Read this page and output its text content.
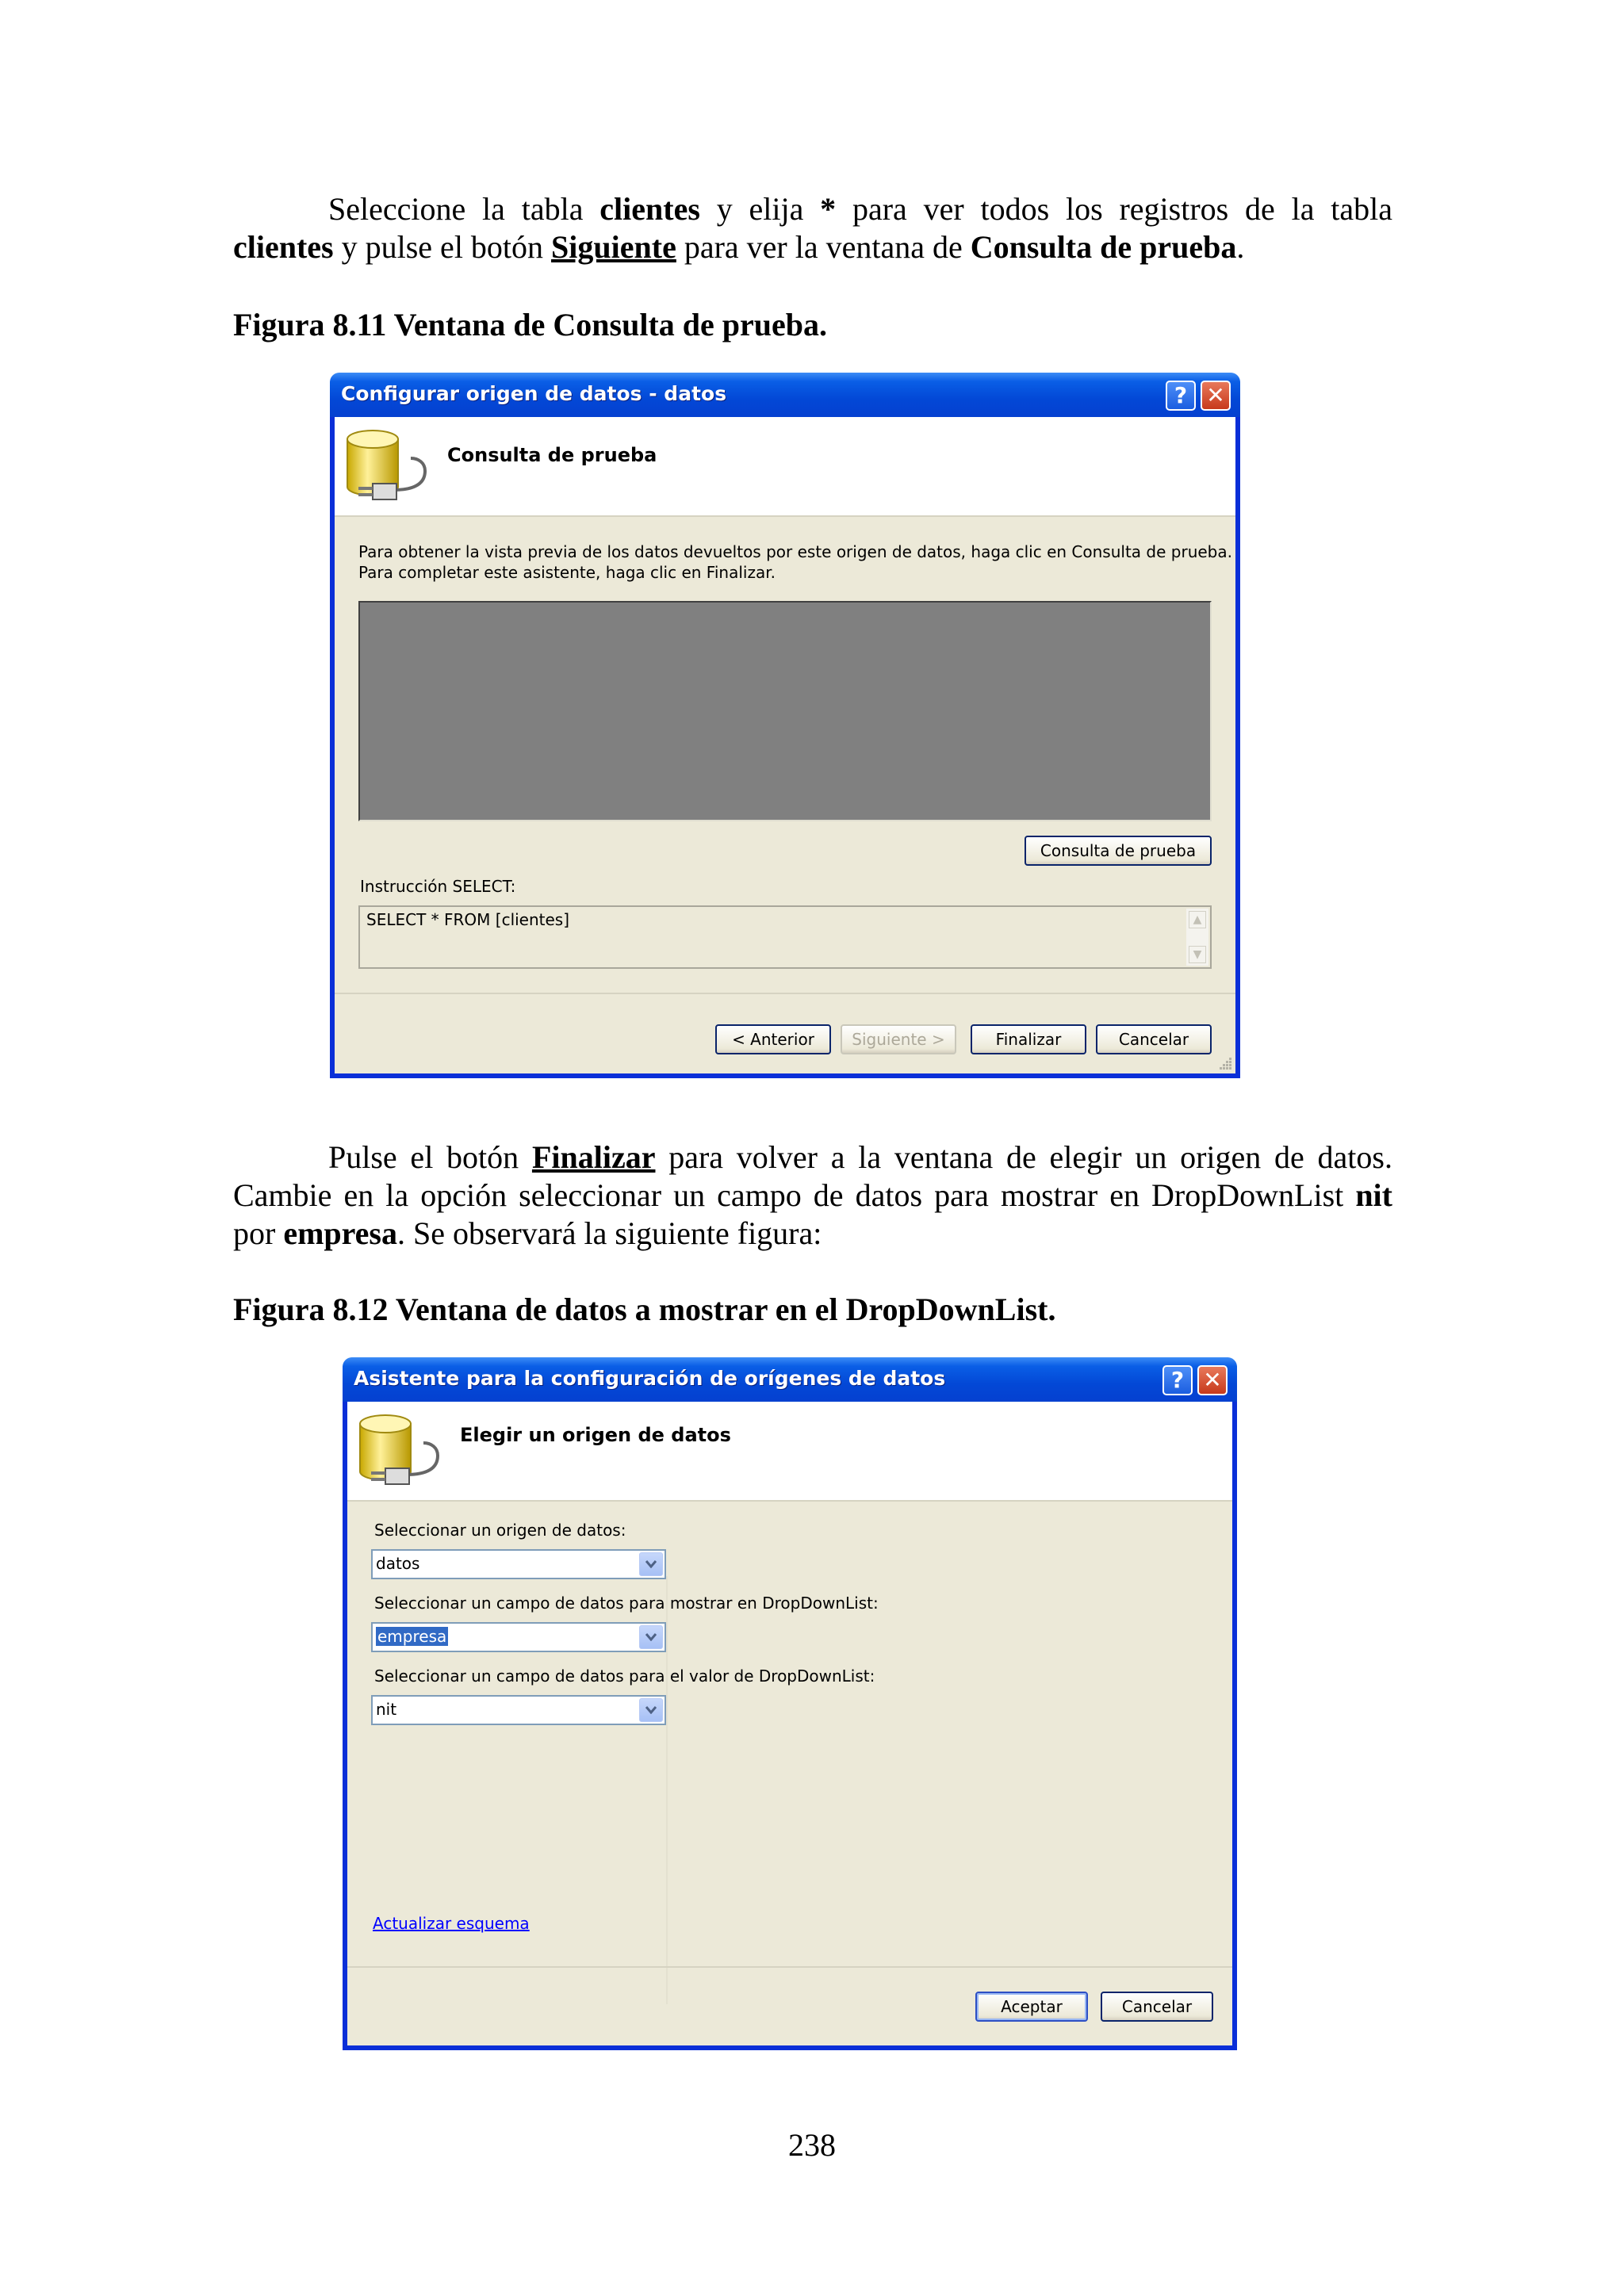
Seleccione la tabla clientes y elija * para ver todos los registros de la tabla
clientes y pulse el botón Siguiente para ver la ventana de Consulta de prueba.
Figura 8.11 Ventana de Consulta de prueba.
Configurar origen de datos - datos	? ✕
Consulta de prueba
Para obtener la vista previa de los datos devueltos por este origen de datos, haga clic en Consulta de prueba.
Para completar este asistente, haga clic en Finalizar.
Consulta de prueba
Instrucción SELECT:
SELECT * FROM [clientes]	▲
▼
< Anterior	Siguiente >	Finalizar	Cancelar
Pulse el botón Finalizar para volver a la ventana de elegir un origen de datos.
Cambie en la opción seleccionar un campo de datos para mostrar en DropDownList nit
por empresa. Se observará la siguiente figura:
Figura 8.12 Ventana de datos a mostrar en el DropDownList.
Asistente para la configuración de orígenes de datos	? ✕
Elegir un origen de datos
Seleccionar un origen de datos:
datos
Seleccionar un campo de datos para mostrar en DropDownList:
empresa
Seleccionar un campo de datos para el valor de DropDownList:
nit
Actualizar esquema
Aceptar	Cancelar
238
